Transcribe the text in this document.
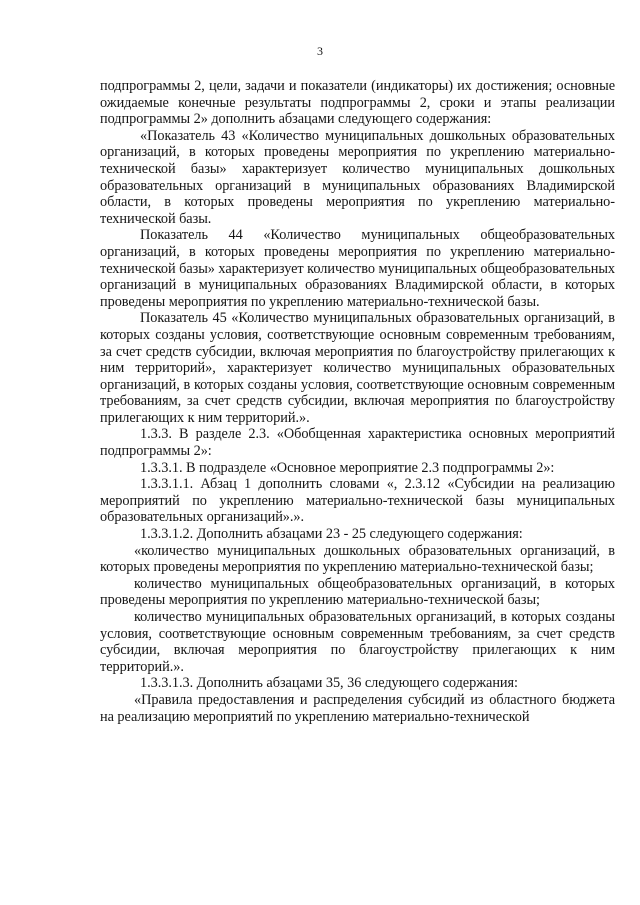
3

подпрограммы 2, цели, задачи и показатели (индикаторы) их достижения; основные ожидаемые конечные результаты подпрограммы 2, сроки и этапы реализации подпрограммы 2» дополнить абзацами следующего содержания:

«Показатель 43 «Количество муниципальных дошкольных образовательных организаций, в которых проведены мероприятия по укреплению материально-технической базы» характеризует количество муниципальных дошкольных образовательных организаций в муниципальных образованиях Владимирской области, в которых проведены мероприятия по укреплению материально-технической базы.

Показатель 44 «Количество муниципальных общеобразовательных организаций, в которых проведены мероприятия по укреплению материально-технической базы» характеризует количество муниципальных общеобразовательных организаций в муниципальных образованиях Владимирской области, в которых проведены мероприятия по укреплению материально-технической базы.

Показатель 45 «Количество муниципальных образовательных организаций, в которых созданы условия, соответствующие основным современным требованиям, за счет средств субсидии, включая мероприятия по благоустройству прилегающих к ним территорий», характеризует количество муниципальных образовательных организаций, в которых созданы условия, соответствующие основным современным требованиям, за счет средств субсидии, включая мероприятия по благоустройству прилегающих к ним территорий.».

1.3.3. В разделе 2.3. «Обобщенная характеристика основных мероприятий подпрограммы 2»:

1.3.3.1. В подразделе «Основное мероприятие 2.3 подпрограммы 2»:

1.3.3.1.1. Абзац 1 дополнить словами «, 2.3.12 «Субсидии на реализацию мероприятий по укреплению материально-технической базы муниципальных образовательных организаций».».

1.3.3.1.2. Дополнить абзацами 23 - 25 следующего содержания:

«количество муниципальных дошкольных образовательных организаций, в которых проведены мероприятия по укреплению материально-технической базы;

количество муниципальных общеобразовательных организаций, в которых проведены мероприятия по укреплению материально-технической базы;

количество муниципальных образовательных организаций, в которых созданы условия, соответствующие основным современным требованиям, за счет средств субсидии, включая мероприятия по благоустройству прилегающих к ним территорий.».

1.3.3.1.3. Дополнить абзацами 35, 36 следующего содержания:

«Правила предоставления и распределения субсидий из областного бюджета на реализацию мероприятий по укреплению материально-технической
